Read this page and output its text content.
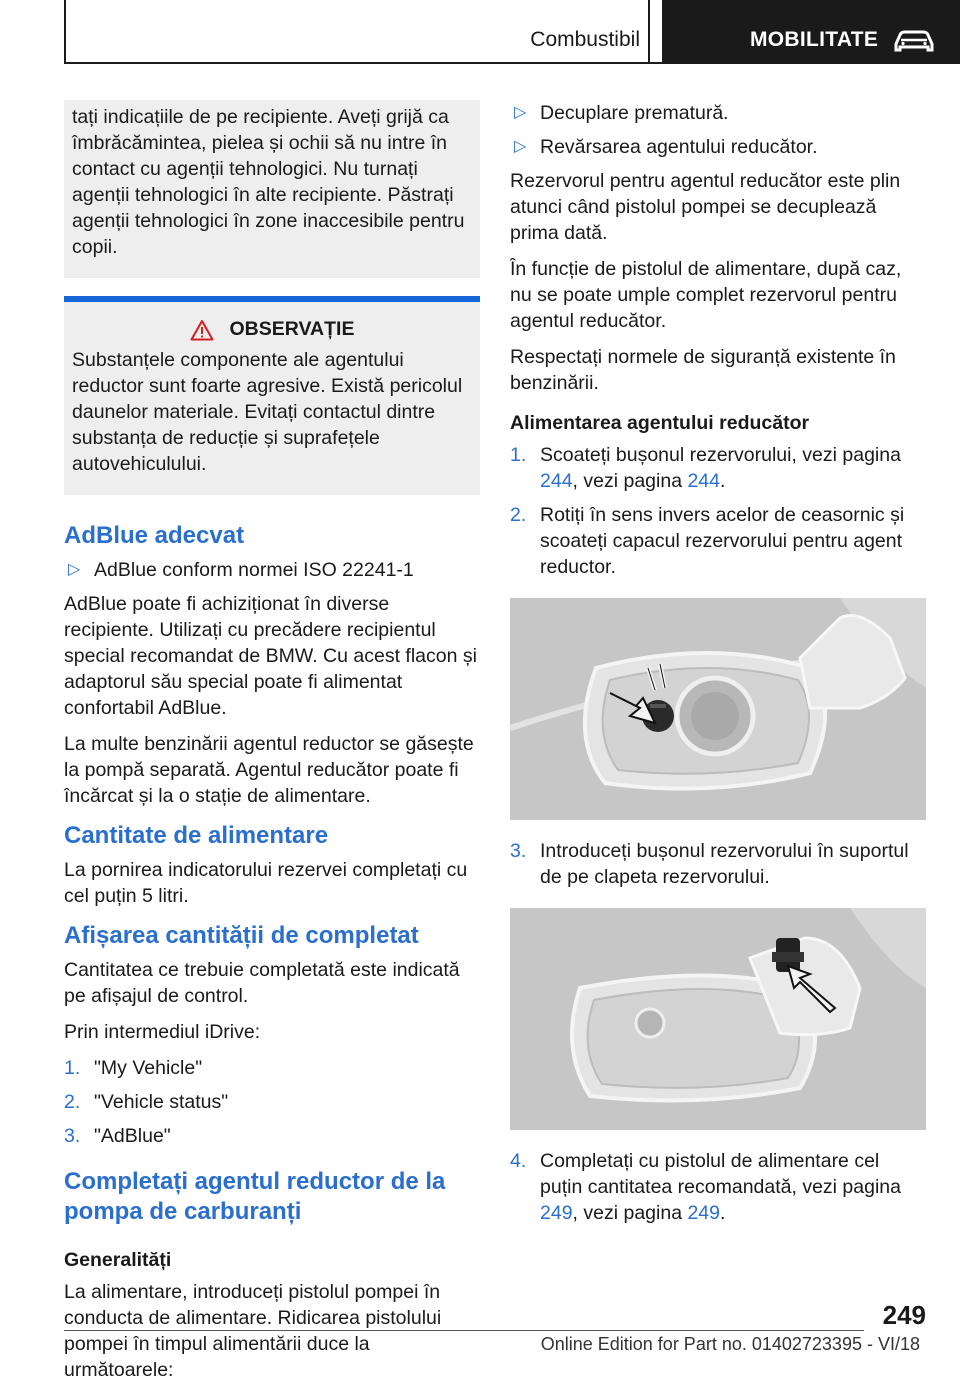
Combustibil	MOBILITATE

tați indicațiile de pe recipiente. Aveți grijă ca îmbrăcămintea, pielea și ochii să nu intre în contact cu agenții tehnologici. Nu turnați agenții tehnologici în alte recipiente. Păstrați agenții tehnologici în zone inaccesibile pentru copii.

OBSERVAȚIE

Substanțele componente ale agentului reductor sunt foarte agresive. Există pericolul daunelor materiale. Evitați contactul dintre substanța de reducție și suprafețele autovehiculului.

AdBlue adecvat
▷ AdBlue conform normei ISO 22241-1

AdBlue poate fi achiziționat în diverse recipiente. Utilizați cu precădere recipientul special recomandat de BMW. Cu acest flacon și adaptorul său special poate fi alimentat confortabil AdBlue.

La multe benzinării agentul reductor se găsește la pompă separată. Agentul reducător poate fi încărcat și la o stație de alimentare.

Cantitate de alimentare

La pornirea indicatorului rezervei completați cu cel puțin 5 litri.

Afișarea cantității de completat

Cantitatea ce trebuie completată este indicată pe afișajul de control.

Prin intermediul iDrive:

1. "My Vehicle"
2. "Vehicle status"
3. "AdBlue"
Completați agentul reductor de la pompa de carburanți
Generalități

La alimentare, introduceți pistolul pompei în conducta de alimentare. Ridicarea pistolului pompei în timpul alimentării duce la următoarele:

▷ Decuplare prematură.
▷ Revărsarea agentului reducător.

Rezervorul pentru agentul reducător este plin atunci când pistolul pompei se decuplează prima dată.

În funcție de pistolul de alimentare, după caz, nu se poate umple complet rezervorul pentru agentul reducător.

Respectați normele de siguranță existente în benzinării.

Alimentarea agentului reducător
1. Scoateți bușonul rezervorului, vezi pagina 244, vezi pagina 244.
2. Rotiți în sens invers acelor de ceasornic și scoateți capacul rezervorului pentru agent reductor.
3. Introduceți bușonul rezervorului în suportul de pe clapeta rezervorului.
4. Completați cu pistolul de alimentare cel puțin cantitatea recomandată, vezi pagina 249, vezi pagina 249.
249
Online Edition for Part no. 01402723395 - VI/18
